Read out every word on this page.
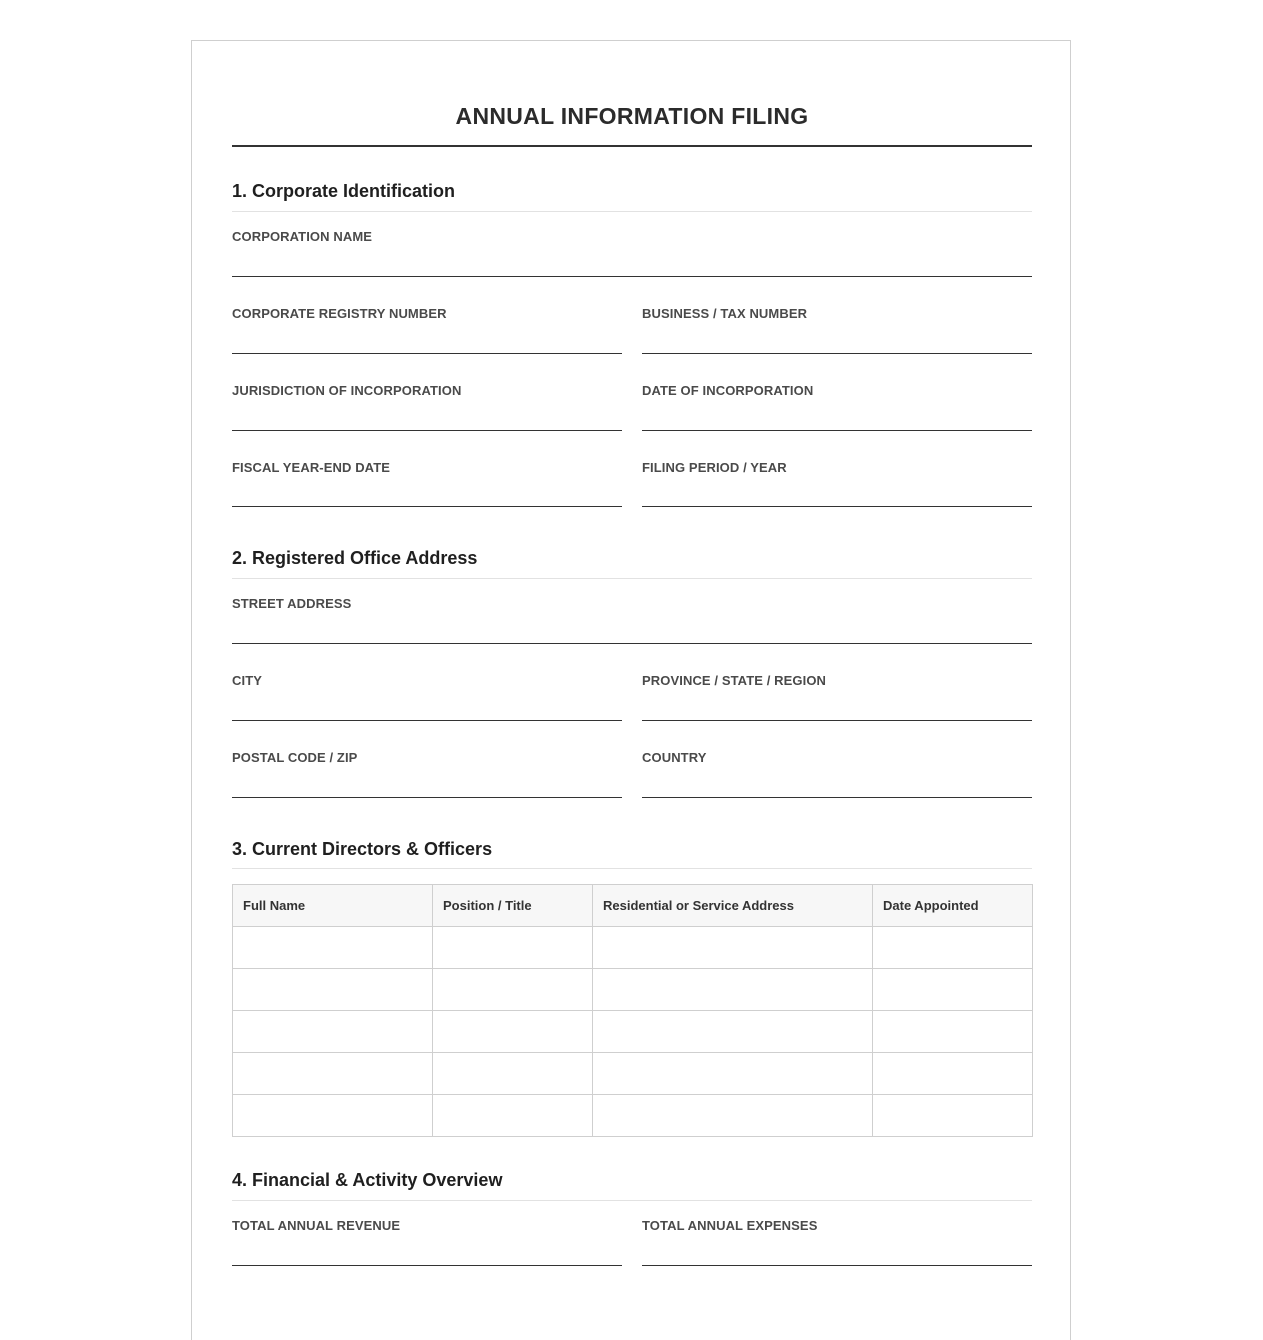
ANNUAL INFORMATION FILING
1. Corporate Identification
CORPORATION NAME
CORPORATE REGISTRY NUMBER	BUSINESS / TAX NUMBER
JURISDICTION OF INCORPORATION	DATE OF INCORPORATION
FISCAL YEAR-END DATE	FILING PERIOD / YEAR
2. Registered Office Address
STREET ADDRESS
CITY	PROVINCE / STATE / REGION
POSTAL CODE / ZIP	COUNTRY
3. Current Directors & Officers
Full Name	Position / Title	Residential or Service Address	Date Appointed

4. Financial & Activity Overview
TOTAL ANNUAL REVENUE	TOTAL ANNUAL EXPENSES
